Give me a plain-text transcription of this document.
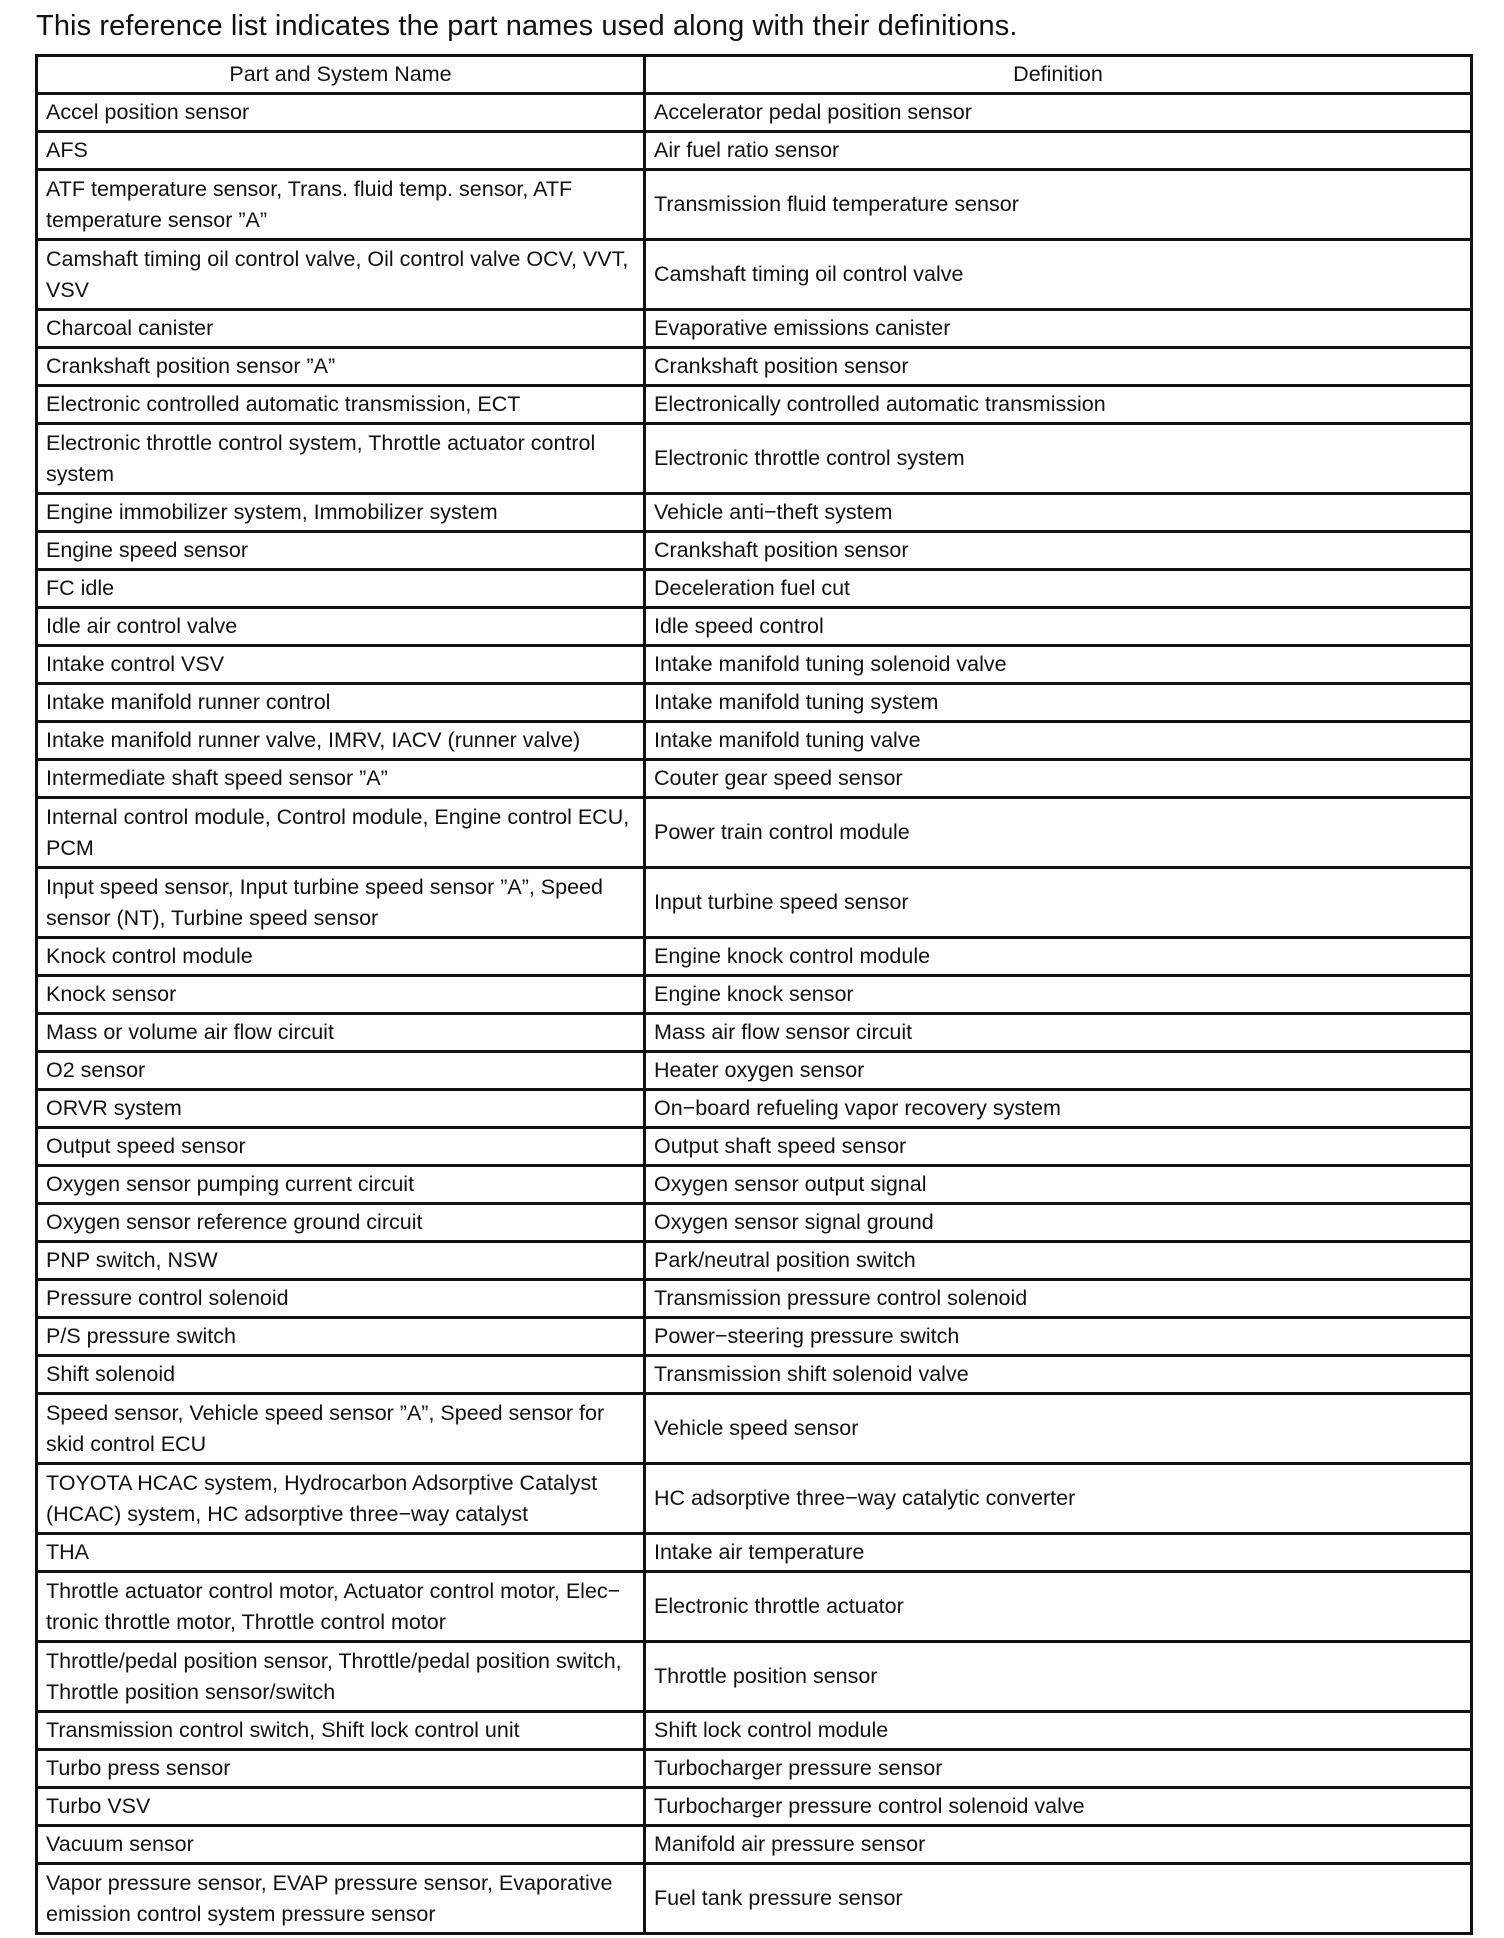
This reference list indicates the part names used along with their definitions.
Part and System Name	Definition
Accel position sensor	Accelerator pedal position sensor
AFS	Air fuel ratio sensor
ATF temperature sensor, Trans. fluid temp. sensor, ATF temperature sensor ”A”	Transmission fluid temperature sensor
Camshaft timing oil control valve, Oil control valve OCV, VVT, VSV	Camshaft timing oil control valve
Charcoal canister	Evaporative emissions canister
Crankshaft position sensor ”A”	Crankshaft position sensor
Electronic controlled automatic transmission, ECT	Electronically controlled automatic transmission
Electronic throttle control system, Throttle actuator control system	Electronic throttle control system
Engine immobilizer system, Immobilizer system	Vehicle anti−theft system
Engine speed sensor	Crankshaft position sensor
FC idle	Deceleration fuel cut
Idle air control valve	Idle speed control
Intake control VSV	Intake manifold tuning solenoid valve
Intake manifold runner control	Intake manifold tuning system
Intake manifold runner valve, IMRV, IACV (runner valve)	Intake manifold tuning valve
Intermediate shaft speed sensor ”A”	Couter gear speed sensor
Internal control module, Control module, Engine control ECU, PCM	Power train control module
Input speed sensor, Input turbine speed sensor ”A”, Speed sensor (NT), Turbine speed sensor	Input turbine speed sensor
Knock control module	Engine knock control module
Knock sensor	Engine knock sensor
Mass or volume air flow circuit	Mass air flow sensor circuit
O2 sensor	Heater oxygen sensor
ORVR system	On−board refueling vapor recovery system
Output speed sensor	Output shaft speed sensor
Oxygen sensor pumping current circuit	Oxygen sensor output signal
Oxygen sensor reference ground circuit	Oxygen sensor signal ground
PNP switch, NSW	Park/neutral position switch
Pressure control solenoid	Transmission pressure control solenoid
P/S pressure switch	Power−steering pressure switch
Shift solenoid	Transmission shift solenoid valve
Speed sensor, Vehicle speed sensor ”A”, Speed sensor for skid control ECU	Vehicle speed sensor
TOYOTA HCAC system, Hydrocarbon Adsorptive Catalyst (HCAC) system, HC adsorptive three−way catalyst	HC adsorptive three−way catalytic converter
THA	Intake air temperature
Throttle actuator control motor, Actuator control motor, Elec− tronic throttle motor, Throttle control motor	Electronic throttle actuator
Throttle/pedal position sensor, Throttle/pedal position switch, Throttle position sensor/switch	Throttle position sensor
Transmission control switch, Shift lock control unit	Shift lock control module
Turbo press sensor	Turbocharger pressure sensor
Turbo VSV	Turbocharger pressure control solenoid valve
Vacuum sensor	Manifold air pressure sensor
Vapor pressure sensor, EVAP pressure sensor, Evaporative emission control system pressure sensor	Fuel tank pressure sensor
